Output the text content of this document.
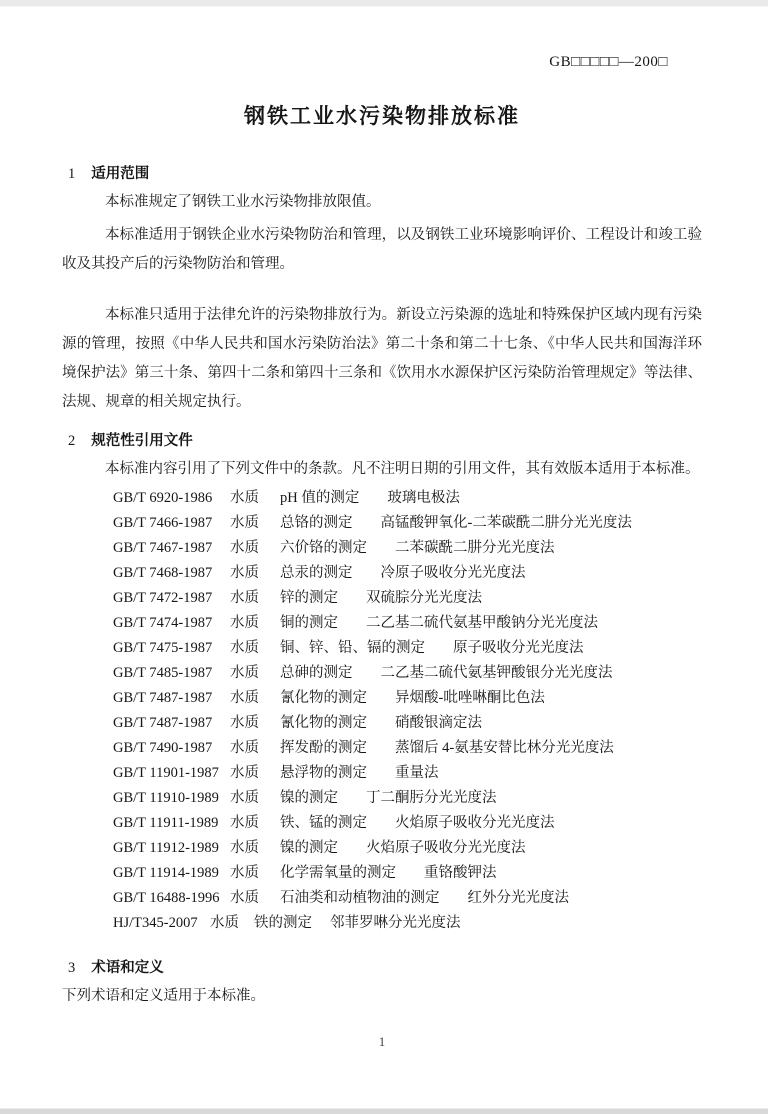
GB□□□□□—200□
钢铁工业水污染物排放标准
1 适用范围

本标准规定了钢铁工业水污染物排放限值。

本标准适用于钢铁企业水污染物防治和管理，以及钢铁工业环境影响评价、工程设计和竣工验收及其投产后的污染物防治和管理。

本标准只适用于法律允许的污染物排放行为。新设立污染源的选址和特殊保护区域内现有污染源的管理，按照《中华人民共和国水污染防治法》第二十条和第二十七条、《中华人民共和国海洋环境保护法》第三十条、第四十二条和第四十三条和《饮用水水源保护区污染防治管理规定》等法律、法规、规章的相关规定执行。

2 规范性引用文件

本标准内容引用了下列文件中的条款。凡不注明日期的引用文件，其有效版本适用于本标准。

GB/T 6920-1986	水质	pH 值的测定 玻璃电极法
GB/T 7466-1987	水质	总铬的测定 高锰酸钾氧化-二苯碳酰二肼分光光度法
GB/T 7467-1987	水质	六价铬的测定 二苯碳酰二肼分光光度法
GB/T 7468-1987	水质	总汞的测定 冷原子吸收分光光度法
GB/T 7472-1987	水质	锌的测定 双硫腙分光光度法
GB/T 7474-1987	水质	铜的测定 二乙基二硫代氨基甲酸钠分光光度法
GB/T 7475-1987	水质	铜、锌、铅、镉的测定 原子吸收分光光度法
GB/T 7485-1987	水质	总砷的测定 二乙基二硫代氨基钾酸银分光光度法
GB/T 7487-1987	水质	氰化物的测定 异烟酸-吡唑啉酮比色法
GB/T 7487-1987	水质	氰化物的测定 硝酸银滴定法
GB/T 7490-1987	水质	挥发酚的测定 蒸馏后 4-氨基安替比林分光光度法
GB/T 11901-1987 水质	悬浮物的测定 重量法
GB/T 11910-1989 水质	镍的测定 丁二酮肟分光光度法
GB/T 11911-1989 水质	铁、锰的测定 火焰原子吸收分光光度法
GB/T 11912-1989 水质	镍的测定 火焰原子吸收分光光度法
GB/T 11914-1989 水质	化学需氧量的测定 重铬酸钾法
GB/T 16488-1996 水质	石油类和动植物油的测定 红外分光光度法
HJ/T345-2007 水质	铁的测定 邻菲罗啉分光光度法
3 术语和定义

下列术语和定义适用于本标准。

1
